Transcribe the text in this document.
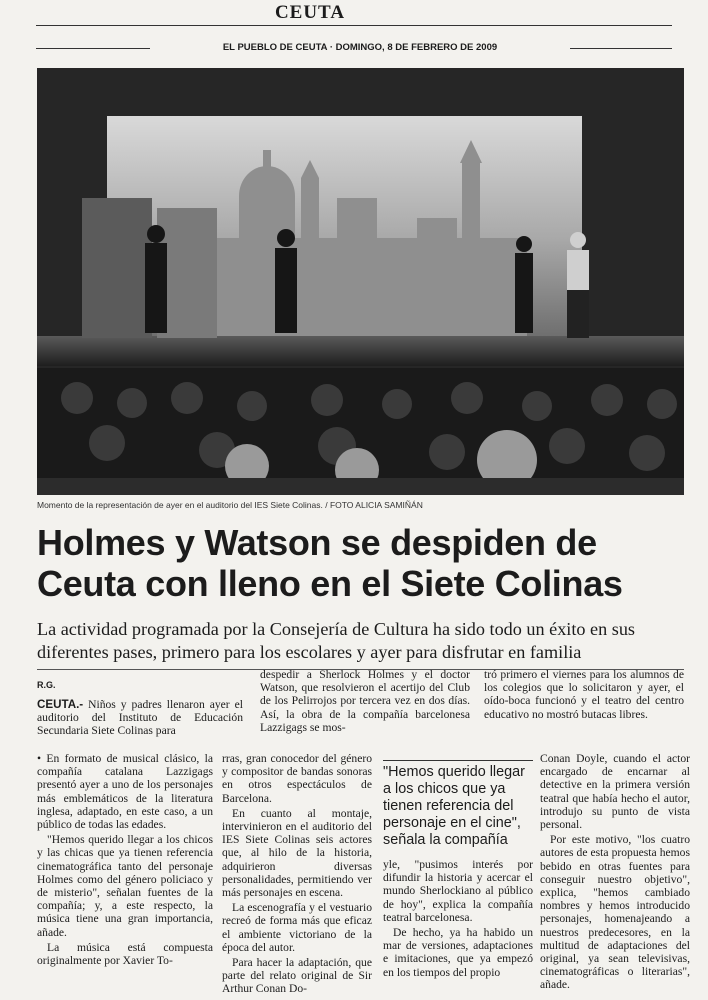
CEUTA
EL PUEBLO DE CEUTA · DOMINGO, 8 DE FEBRERO DE 2009
Momento de la representación de ayer en el auditorio del IES Siete Colinas. / FOTO ALICIA SAMIÑÁN
Holmes y Watson se despiden de Ceuta con lleno en el Siete Colinas
La actividad programada por la Consejería de Cultura ha sido todo un éxito en sus diferentes pases, primero para los escolares y ayer para disfrutar en familia
R.G.

CEUTA.- Niños y padres llenaron ayer el auditorio del Instituto de Educación Secundaria Siete Colinas para

despedir a Sherlock Holmes y el doctor Watson, que resolvieron el acertijo del Club de los Pelirrojos por tercera vez en dos días. Así, la obra de la compañía barcelonesa Lazzigags se mos-

tró primero el viernes para los alumnos de los colegios que lo solicitaron y ayer, el oído-boca funcionó y el teatro del centro educativo no mostró butacas libres.

• En formato de musical clásico, la compañía catalana Lazzigags presentó ayer a uno de los personajes más emblemáticos de la literatura inglesa, adaptado, en este caso, a un público de todas las edades.

"Hemos querido llegar a los chicos y las chicas que ya tienen referencia cinematográfica tanto del personaje Holmes como del género policiaco y de misterio", señalan fuentes de la compañía; y, a este respecto, la música tiene una gran importancia, añade.

La música está compuesta originalmente por Xavier To-

rras, gran conocedor del género y compositor de bandas sonoras en otros espectáculos de Barcelona.

En cuanto al montaje, intervinieron en el auditorio del IES Siete Colinas seis actores que, al hilo de la historia, adquirieron diversas personalidades, permitiendo ver más personajes en escena.

La escenografía y el vestuario recreó de forma más que eficaz el ambiente victoriano de la época del autor.

Para hacer la adaptación, que parte del relato original de Sir Arthur Conan Do-

"Hemos querido llegar a los chicos que ya tienen referencia del personaje en el cine", señala la compañía

yle, "pusimos interés por difundir la historia y acercar el mundo Sherlockiano al público de hoy", explica la compañía teatral barcelonesa.

De hecho, ya ha habido un mar de versiones, adaptaciones e imitaciones, que ya empezó en los tiempos del propio

Conan Doyle, cuando el actor encargado de encarnar al detective en la primera versión teatral que había hecho el autor, introdujo su punto de vista personal.

Por este motivo, "los cuatro autores de esta propuesta hemos bebido en otras fuentes para conseguir nuestro objetivo", explica, "hemos cambiado nombres y hemos introducido personajes, homenajeando a nuestros predecesores, en la multitud de adaptaciones del original, ya sean televisivas, cinematográficas o literarias", añade.
